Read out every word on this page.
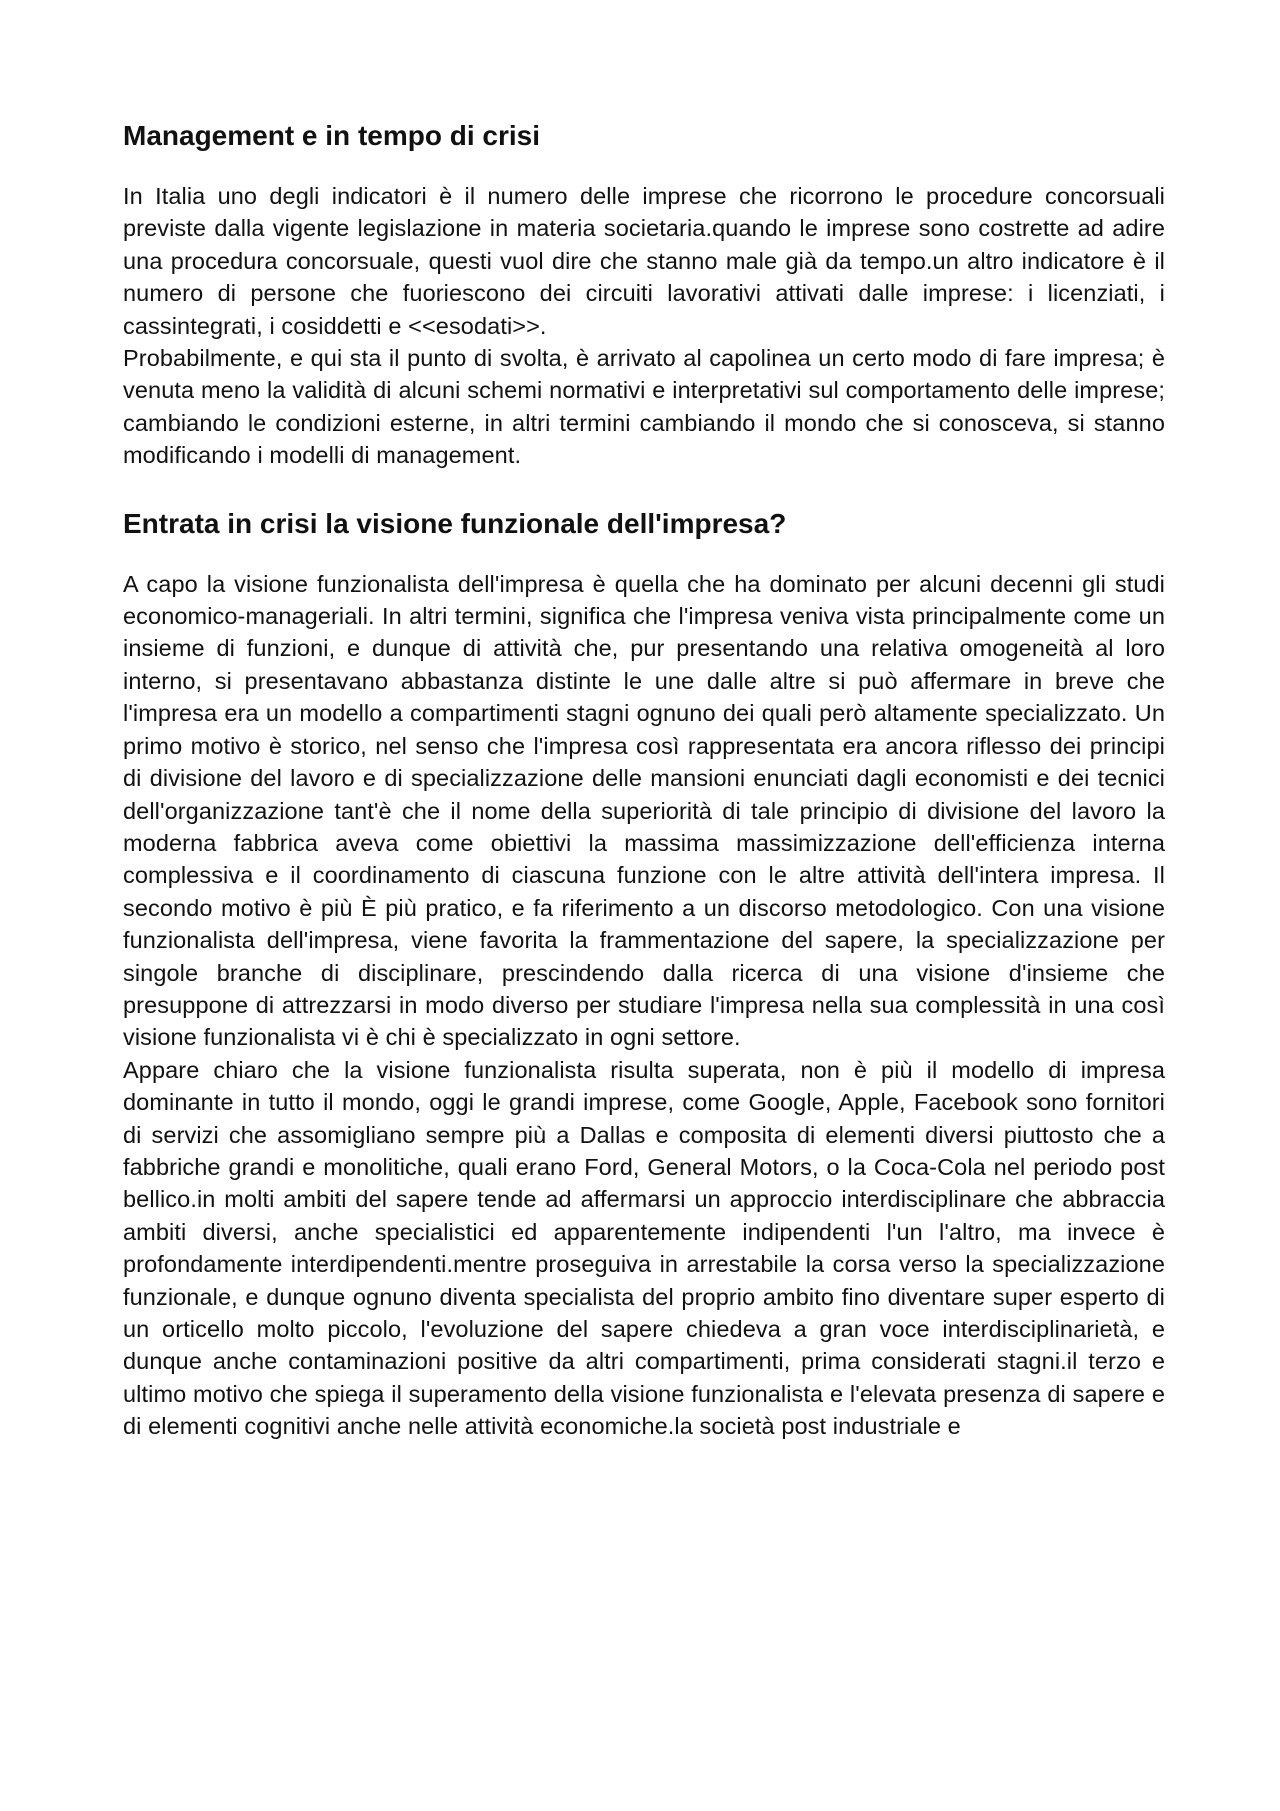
Management e in tempo di crisi

In Italia uno degli indicatori è il numero delle imprese che ricorrono le procedure concorsuali previste dalla vigente legislazione in materia societaria.quando le imprese sono costrette ad adire una procedura concorsuale, questi vuol dire che stanno male già da tempo.un altro indicatore è il numero di persone che fuoriescono dei circuiti lavorativi attivati dalle imprese: i licenziati, i cassintegrati, i cosiddetti e <<esodati>>.

Probabilmente, e qui sta il punto di svolta, è arrivato al capolinea un certo modo di fare impresa; è venuta meno la validità di alcuni schemi normativi e interpretativi sul comportamento delle imprese; cambiando le condizioni esterne, in altri termini cambiando il mondo che si conosceva, si stanno modificando i modelli di management.

Entrata in crisi la visione funzionale dell'impresa?

A capo la visione funzionalista dell'impresa è quella che ha dominato per alcuni decenni gli studi economico-manageriali. In altri termini, significa che l'impresa veniva vista principalmente come un insieme di funzioni, e dunque di attività che, pur presentando una relativa omogeneità al loro interno, si presentavano abbastanza distinte le une dalle altre si può affermare in breve che l'impresa era un modello a compartimenti stagni ognuno dei quali però altamente specializzato. Un primo motivo è storico, nel senso che l'impresa così rappresentata era ancora riflesso dei principi di divisione del lavoro e di specializzazione delle mansioni enunciati dagli economisti e dei tecnici dell'organizzazione tant'è che il nome della superiorità di tale principio di divisione del lavoro la moderna fabbrica aveva come obiettivi la massima massimizzazione dell'efficienza interna complessiva e il coordinamento di ciascuna funzione con le altre attività dell'intera impresa. Il secondo motivo è più È più pratico, e fa riferimento a un discorso metodologico. Con una visione funzionalista dell'impresa, viene favorita la frammentazione del sapere, la specializzazione per singole branche di disciplinare, prescindendo dalla ricerca di una visione d'insieme che presuppone di attrezzarsi in modo diverso per studiare l'impresa nella sua complessità in una così visione funzionalista vi è chi è specializzato in ogni settore.

Appare chiaro che la visione funzionalista risulta superata, non è più il modello di impresa dominante in tutto il mondo, oggi le grandi imprese, come Google, Apple, Facebook sono fornitori di servizi che assomigliano sempre più a Dallas e composita di elementi diversi piuttosto che a fabbriche grandi e monolitiche, quali erano Ford, General Motors, o la Coca-Cola nel periodo post bellico.in molti ambiti del sapere tende ad affermarsi un approccio interdisciplinare che abbraccia ambiti diversi, anche specialistici ed apparentemente indipendenti l'un l'altro, ma invece è profondamente interdipendenti.mentre proseguiva in arrestabile la corsa verso la specializzazione funzionale, e dunque ognuno diventa specialista del proprio ambito fino diventare super esperto di un orticello molto piccolo, l'evoluzione del sapere chiedeva a gran voce interdisciplinarietà, e dunque anche contaminazioni positive da altri compartimenti, prima considerati stagni.il terzo e ultimo motivo che spiega il superamento della visione funzionalista e l'elevata presenza di sapere e di elementi cognitivi anche nelle attività economiche.la società post industriale e
